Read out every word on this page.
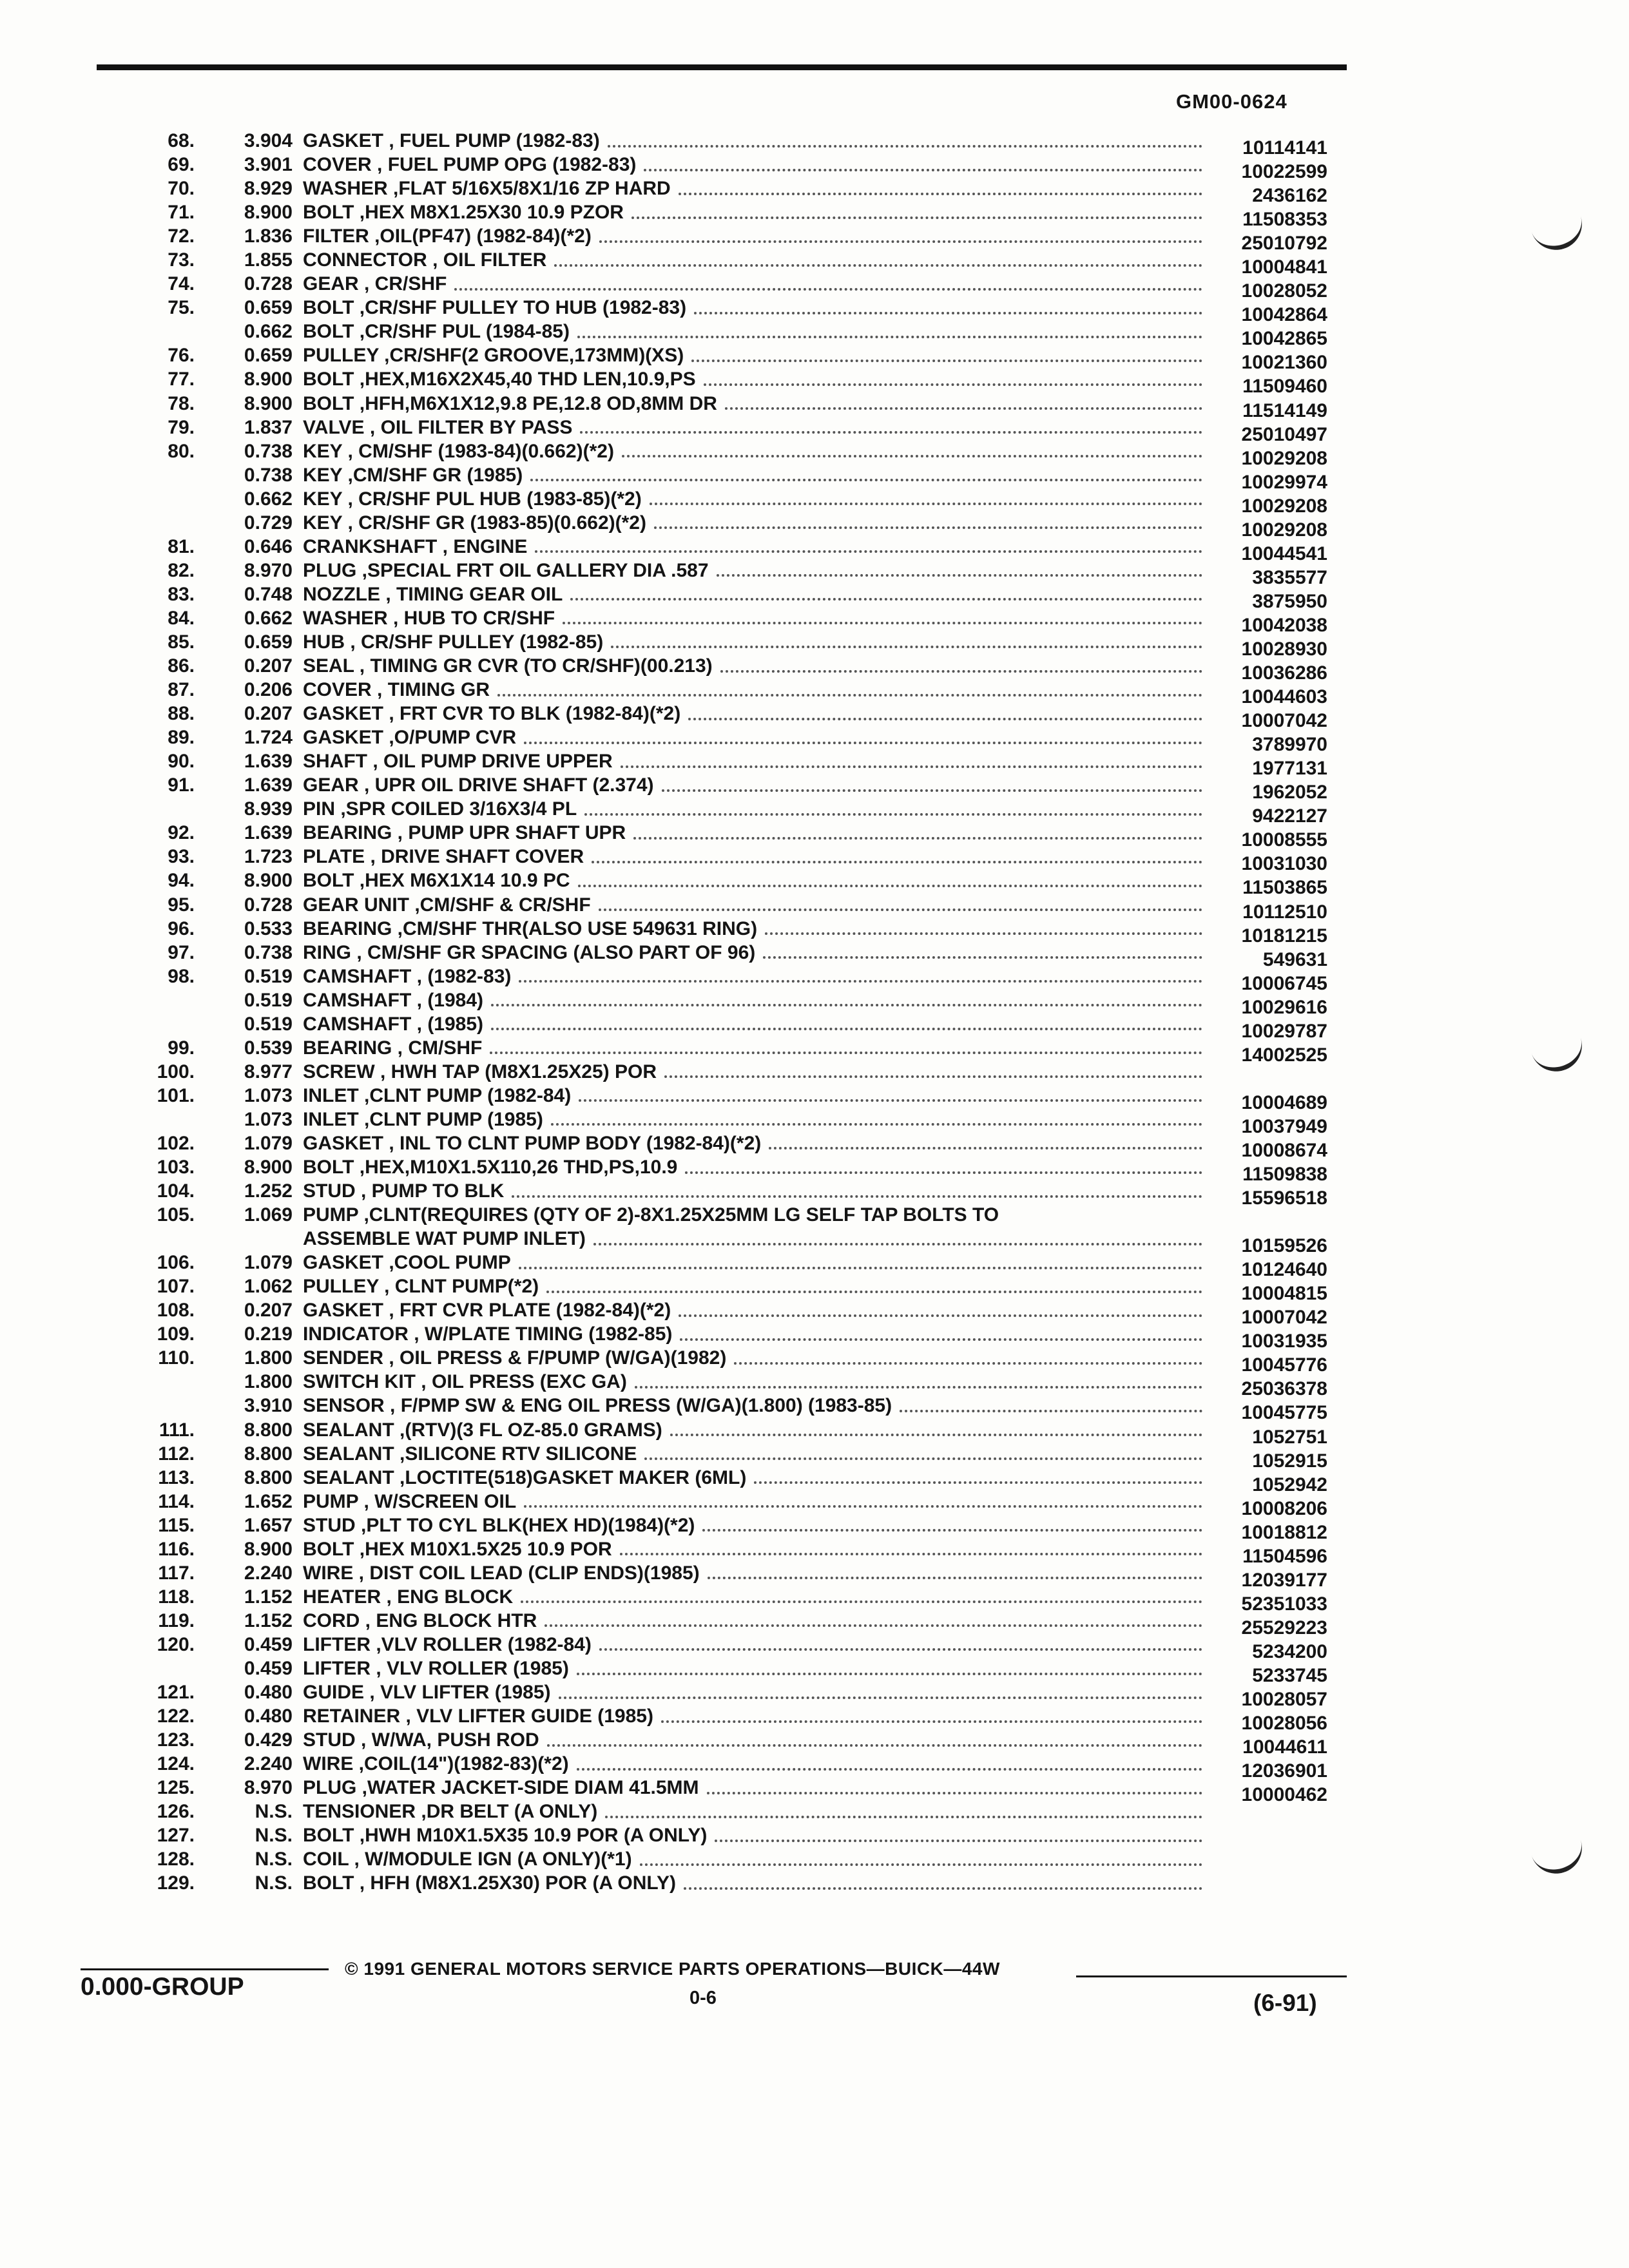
GM00-0624
68.	3.904 GASKET , FUEL PUMP (1982-83)	10114141
69.	3.901 COVER , FUEL PUMP OPG (1982-83)	10022599
70.	8.929 WASHER ,FLAT 5/16X5/8X1/16 ZP HARD	2436162
71.	8.900 BOLT ,HEX M8X1.25X30 10.9 PZOR	11508353
72.	1.836 FILTER ,OIL(PF47) (1982-84)(*2)	25010792
73.	1.855 CONNECTOR , OIL FILTER	10004841
74.	0.728 GEAR , CR/SHF	10028052
75.	0.659 BOLT ,CR/SHF PULLEY TO HUB (1982-83)	10042864
0.662 BOLT ,CR/SHF PUL (1984-85)	10042865
76.	0.659 PULLEY ,CR/SHF(2 GROOVE,173MM)(XS)	10021360
77.	8.900 BOLT ,HEX,M16X2X45,40 THD LEN,10.9,PS	11509460
78.	8.900 BOLT ,HFH,M6X1X12,9.8 PE,12.8 OD,8MM DR	11514149
79.	1.837 VALVE , OIL FILTER BY PASS	25010497
80.	0.738 KEY , CM/SHF (1983-84)(0.662)(*2)	10029208
0.738 KEY ,CM/SHF GR (1985)	10029974
0.662 KEY , CR/SHF PUL HUB (1983-85)(*2)	10029208
0.729 KEY , CR/SHF GR (1983-85)(0.662)(*2)	10029208
81.	0.646 CRANKSHAFT , ENGINE	10044541
82.	8.970 PLUG ,SPECIAL FRT OIL GALLERY DIA .587	3835577
83.	0.748 NOZZLE , TIMING GEAR OIL	3875950
84.	0.662 WASHER , HUB TO CR/SHF	10042038
85.	0.659 HUB , CR/SHF PULLEY (1982-85)	10028930
86.	0.207 SEAL , TIMING GR CVR (TO CR/SHF)(00.213)	10036286
87.	0.206 COVER , TIMING GR	10044603
88.	0.207 GASKET , FRT CVR TO BLK (1982-84)(*2)	10007042
89.	1.724 GASKET ,O/PUMP CVR	3789970
90.	1.639 SHAFT , OIL PUMP DRIVE UPPER	1977131
91.	1.639 GEAR , UPR OIL DRIVE SHAFT (2.374)	1962052
8.939 PIN ,SPR COILED 3/16X3/4 PL	9422127
92.	1.639 BEARING , PUMP UPR SHAFT UPR	10008555
93.	1.723 PLATE , DRIVE SHAFT COVER	10031030
94.	8.900 BOLT ,HEX M6X1X14 10.9 PC	11503865
95.	0.728 GEAR UNIT ,CM/SHF & CR/SHF	10112510
96.	0.533 BEARING ,CM/SHF THR(ALSO USE 549631 RING)	10181215
97.	0.738 RING , CM/SHF GR SPACING (ALSO PART OF 96)	549631
98.	0.519 CAMSHAFT , (1982-83)	10006745
0.519 CAMSHAFT , (1984)	10029616
0.519 CAMSHAFT , (1985)	10029787
99.	0.539 BEARING , CM/SHF	14002525
100.	8.977 SCREW , HWH TAP (M8X1.25X25) POR
101.	1.073 INLET ,CLNT PUMP (1982-84)	10004689
1.073 INLET ,CLNT PUMP (1985)	10037949
102.	1.079 GASKET , INL TO CLNT PUMP BODY (1982-84)(*2)	10008674
103.	8.900 BOLT ,HEX,M10X1.5X110,26 THD,PS,10.9	11509838
104.	1.252 STUD , PUMP TO BLK	15596518
105.	1.069 PUMP ,CLNT(REQUIRES (QTY OF 2)-8X1.25X25MM LG SELF TAP BOLTS TO
ASSEMBLE WAT PUMP INLET)	10159526
106.	1.079 GASKET ,COOL PUMP	10124640
107.	1.062 PULLEY , CLNT PUMP(*2)	10004815
108.	0.207 GASKET , FRT CVR PLATE (1982-84)(*2)	10007042
109.	0.219 INDICATOR , W/PLATE TIMING (1982-85)	10031935
110.	1.800 SENDER , OIL PRESS & F/PUMP (W/GA)(1982)	10045776
1.800 SWITCH KIT , OIL PRESS (EXC GA)	25036378
3.910 SENSOR , F/PMP SW & ENG OIL PRESS (W/GA)(1.800) (1983-85)	10045775
111.	8.800 SEALANT ,(RTV)(3 FL OZ-85.0 GRAMS)	1052751
112.	8.800 SEALANT ,SILICONE RTV SILICONE	1052915
113.	8.800 SEALANT ,LOCTITE(518)GASKET MAKER (6ML)	1052942
114.	1.652 PUMP , W/SCREEN OIL	10008206
115.	1.657 STUD ,PLT TO CYL BLK(HEX HD)(1984)(*2)	10018812
116.	8.900 BOLT ,HEX M10X1.5X25 10.9 POR	11504596
117.	2.240 WIRE , DIST COIL LEAD (CLIP ENDS)(1985)	12039177
118.	1.152 HEATER , ENG BLOCK	52351033
119.	1.152 CORD , ENG BLOCK HTR	25529223
120.	0.459 LIFTER ,VLV ROLLER (1982-84)	5234200
0.459 LIFTER , VLV ROLLER (1985)	5233745
121.	0.480 GUIDE , VLV LIFTER (1985)	10028057
122.	0.480 RETAINER , VLV LIFTER GUIDE (1985)	10028056
123.	0.429 STUD , W/WA, PUSH ROD	10044611
124.	2.240 WIRE ,COIL(14")(1982-83)(*2)	12036901
125.	8.970 PLUG ,WATER JACKET-SIDE DIAM 41.5MM	10000462
126.	N.S. TENSIONER ,DR BELT (A ONLY)
127.	N.S. BOLT ,HWH M10X1.5X35 10.9 POR (A ONLY)
128.	N.S. COIL , W/MODULE IGN (A ONLY)(*1)
129.	N.S. BOLT , HFH (M8X1.25X30) POR (A ONLY)
© 1991 GENERAL MOTORS SERVICE PARTS OPERATIONS—BUICK—44W
0.000-GROUP	0-6	(6-91)
